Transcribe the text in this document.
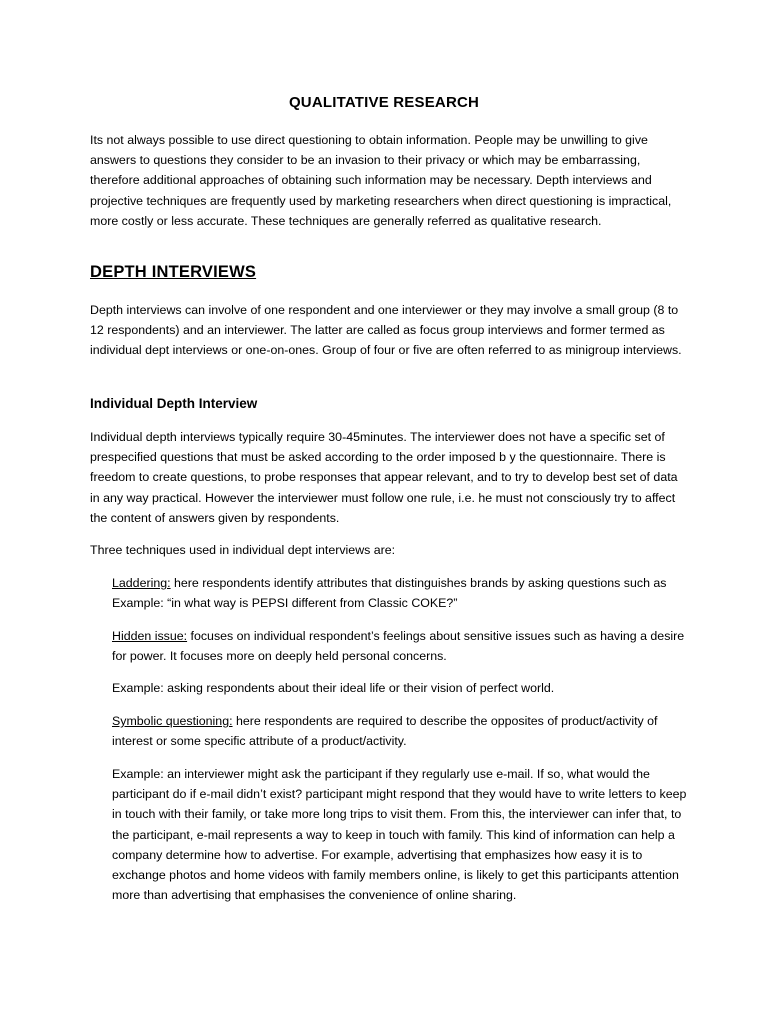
QUALITATIVE RESEARCH

Its not always possible to use direct questioning to obtain information. People may be unwilling to give answers to questions they consider to be an invasion to their privacy or which may be embarrassing, therefore additional approaches of obtaining such information may be necessary. Depth interviews and projective techniques are frequently used by marketing researchers when direct questioning is impractical, more costly or less accurate. These techniques are generally referred as qualitative research.

DEPTH INTERVIEWS

Depth interviews can involve of one respondent and one interviewer or they may involve a small group (8 to 12 respondents) and an interviewer. The latter are called as focus group interviews and former termed as individual dept interviews or one-on-ones. Group of four or five are often referred to as minigroup interviews.

Individual Depth Interview

Individual depth interviews typically require 30-45minutes. The interviewer does not have a specific set of prespecified questions that must be asked according to the order imposed b y the questionnaire. There is freedom to create questions, to probe responses that appear relevant, and to try to develop best set of data in any way practical. However the interviewer must follow one rule, i.e. he must not consciously try to affect the content of answers given by respondents.

Three techniques used in individual dept interviews are:

Laddering: here respondents identify attributes that distinguishes brands by asking questions such as Example: “in what way is PEPSI different from Classic COKE?”

Hidden issue: focuses on individual respondent’s feelings about sensitive issues such as having a desire for power. It focuses more on deeply held personal concerns.

Example: asking respondents about their ideal life or their vision of perfect world.

Symbolic questioning: here respondents are required to describe the opposites of product/activity of interest or some specific attribute of a product/activity.

Example: an interviewer might ask the participant if they regularly use e-mail. If so, what would the participant do if e-mail didn’t exist? participant might respond that they would have to write letters to keep in touch with their family, or take more long trips to visit them. From this, the interviewer can infer that, to the participant, e-mail represents a way to keep in touch with family. This kind of information can help a company determine how to advertise. For example, advertising that emphasizes how easy it is to exchange photos and home videos with family members online, is likely to get this participants attention more than advertising that emphasises the convenience of online sharing.
